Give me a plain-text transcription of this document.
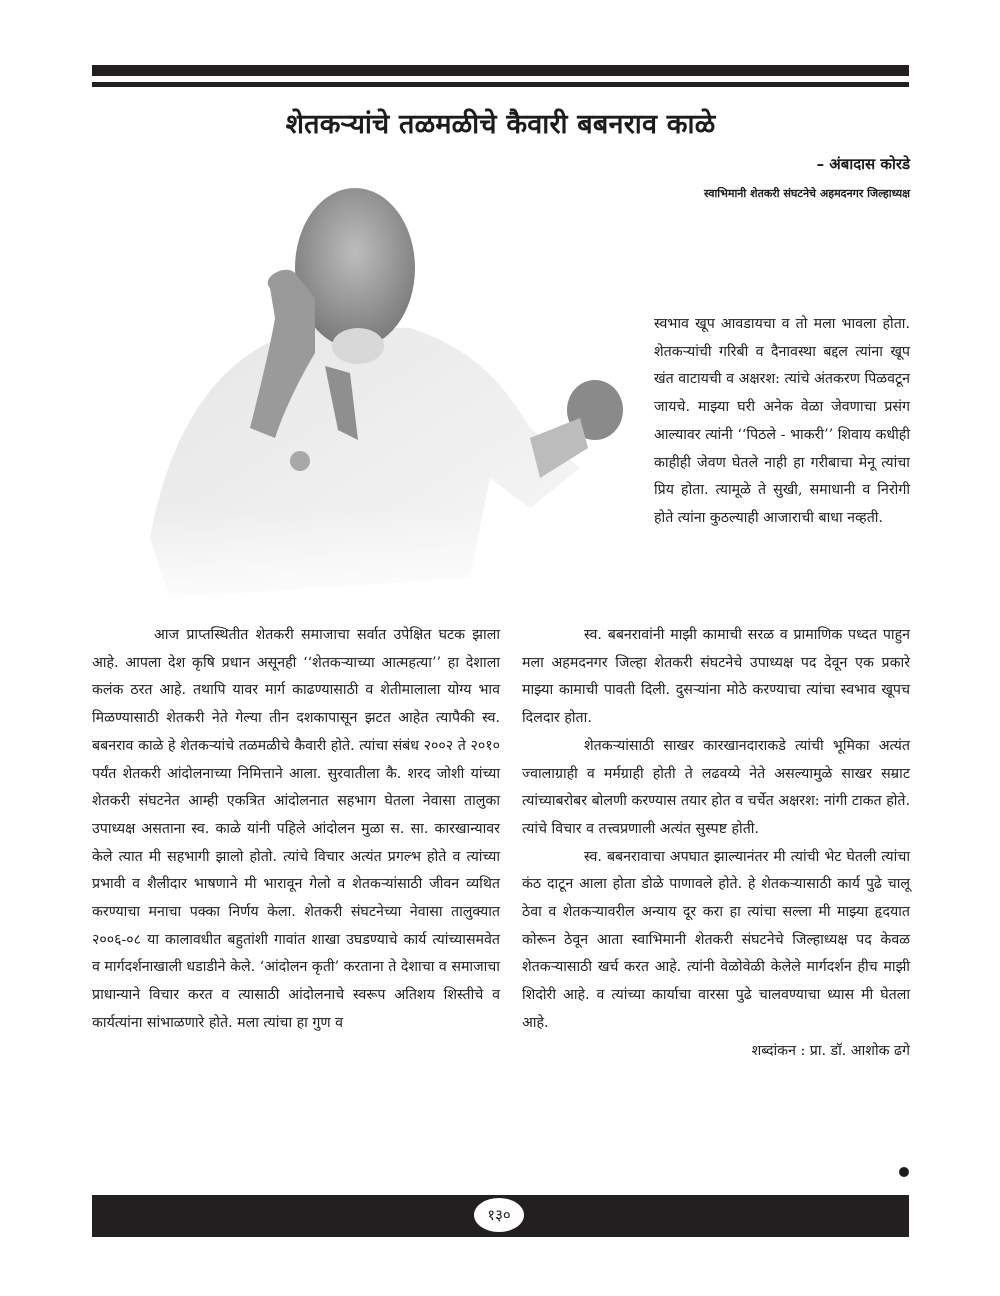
शेतकऱ्यांचे तळमळीचे कैवारी बबनराव काळे
– अंबादास कोरडे
स्वाभिमानी शेतकरी संघटनेचे अहमदनगर जिल्हाध्यक्ष

स्वभाव खूप आवडायचा व तो मला भावला होता. शेतकऱ्यांची गरिबी व दैनावस्था बद्दल त्यांना खूप खंत वाटायची व अक्षरश: त्यांचे अंतकरण पिळवटून जायचे. माझ्या घरी अनेक वेळा जेवणाचा प्रसंग आल्यावर त्यांनी ‘‘पिठले - भाकरी’’ शिवाय कधीही काहीही जेवण घेतले नाही हा गरीबाचा मेनू त्यांचा प्रिय होता. त्यामूळे ते सुखी, समाधानी व निरोगी होते त्यांना कुठल्याही आजाराची बाधा नव्हती.

आज प्राप्तस्थितीत शेतकरी समाजाचा सर्वात उपेक्षित घटक झाला आहे. आपला देश कृषि प्रधान असूनही ‘‘शेतकऱ्याच्या आत्महत्या’’ हा देशाला कलंक ठरत आहे. तथापि यावर मार्ग काढण्यासाठी व शेतीमालाला योग्य भाव मिळण्यासाठी शेतकरी नेते गेल्या तीन दशकापासून झटत आहेत त्यापैकी स्व. बबनराव काळे हे शेतकऱ्यांचे तळमळीचे कैवारी होते. त्यांचा संबंध २००२ ते २०१० पर्यंत शेतकरी आंदोलनाच्या निमित्ताने आला. सुरवातीला कै. शरद जोशी यांच्या शेतकरी संघटनेत आम्ही एकत्रित आंदोलनात सहभाग घेतला नेवासा तालुका उपाध्यक्ष असताना स्व. काळे यांनी पहिले आंदोलन मुळा स. सा. कारखान्यावर केले त्यात मी सहभागी झालो होतो. त्यांचे विचार अत्यंत प्रगल्भ होते व त्यांच्या प्रभावी व शैलीदार भाषणाने मी भारावून गेलो व शेतकऱ्यांसाठी जीवन व्यथित करण्याचा मनाचा पक्का निर्णय केला. शेतकरी संघटनेच्या नेवासा तालुक्यात २००६-०८ या कालावधीत बहुतांशी गावांत शाखा उघडण्याचे कार्य त्यांच्यासमवेत व मार्गदर्शनाखाली धडाडीने केले. ‘आंदोलन कृती’ करताना ते देशाचा व समाजाचा प्राधान्याने विचार करत व त्यासाठी आंदोलनाचे स्वरूप अतिशय शिस्तीचे व कार्यत्यांना सांभाळणारे होते. मला त्यांचा हा गुण व

स्व. बबनरावांनी माझी कामाची सरळ व प्रामाणिक पध्दत पाहुन मला अहमदनगर जिल्हा शेतकरी संघटनेचे उपाध्यक्ष पद देवून एक प्रकारे माझ्या कामाची पावती दिली. दुसऱ्यांना मोठे करण्याचा त्यांचा स्वभाव खूपच दिलदार होता.

शेतकऱ्यांसाठी साखर कारखानदाराकडे त्यांची भूमिका अत्यंत ज्वालाग्राही व मर्मग्राही होती ते लढवय्ये नेते असल्यामुळे साखर सम्राट त्यांच्याबरोबर बोलणी करण्यास तयार होत व चर्चेत अक्षरश: नांगी टाकत होते. त्यांचे विचार व तत्त्वप्रणाली अत्यंत सुस्पष्ट होती.

स्व. बबनरावाचा अपघात झाल्यानंतर मी त्यांची भेट घेतली त्यांचा कंठ दाटून आला होता डोळे पाणावले होते. हे शेतकऱ्यासाठी कार्य पुढे चालू ठेवा व शेतकऱ्यावरील अन्याय दूर करा हा त्यांचा सल्ला मी माझ्या हृदयात कोरून ठेवून आता स्वाभिमानी शेतकरी संघटनेचे जिल्हाध्यक्ष पद केवळ शेतकऱ्यासाठी खर्च करत आहे. त्यांनी वेळोवेळी केलेले मार्गदर्शन हीच माझी शिदोरी आहे. व त्यांच्या कार्याचा वारसा पुढे चालवण्याचा ध्यास मी घेतला आहे.

शब्दांकन : प्रा. डॉ. आशोक ढगे

१३०
